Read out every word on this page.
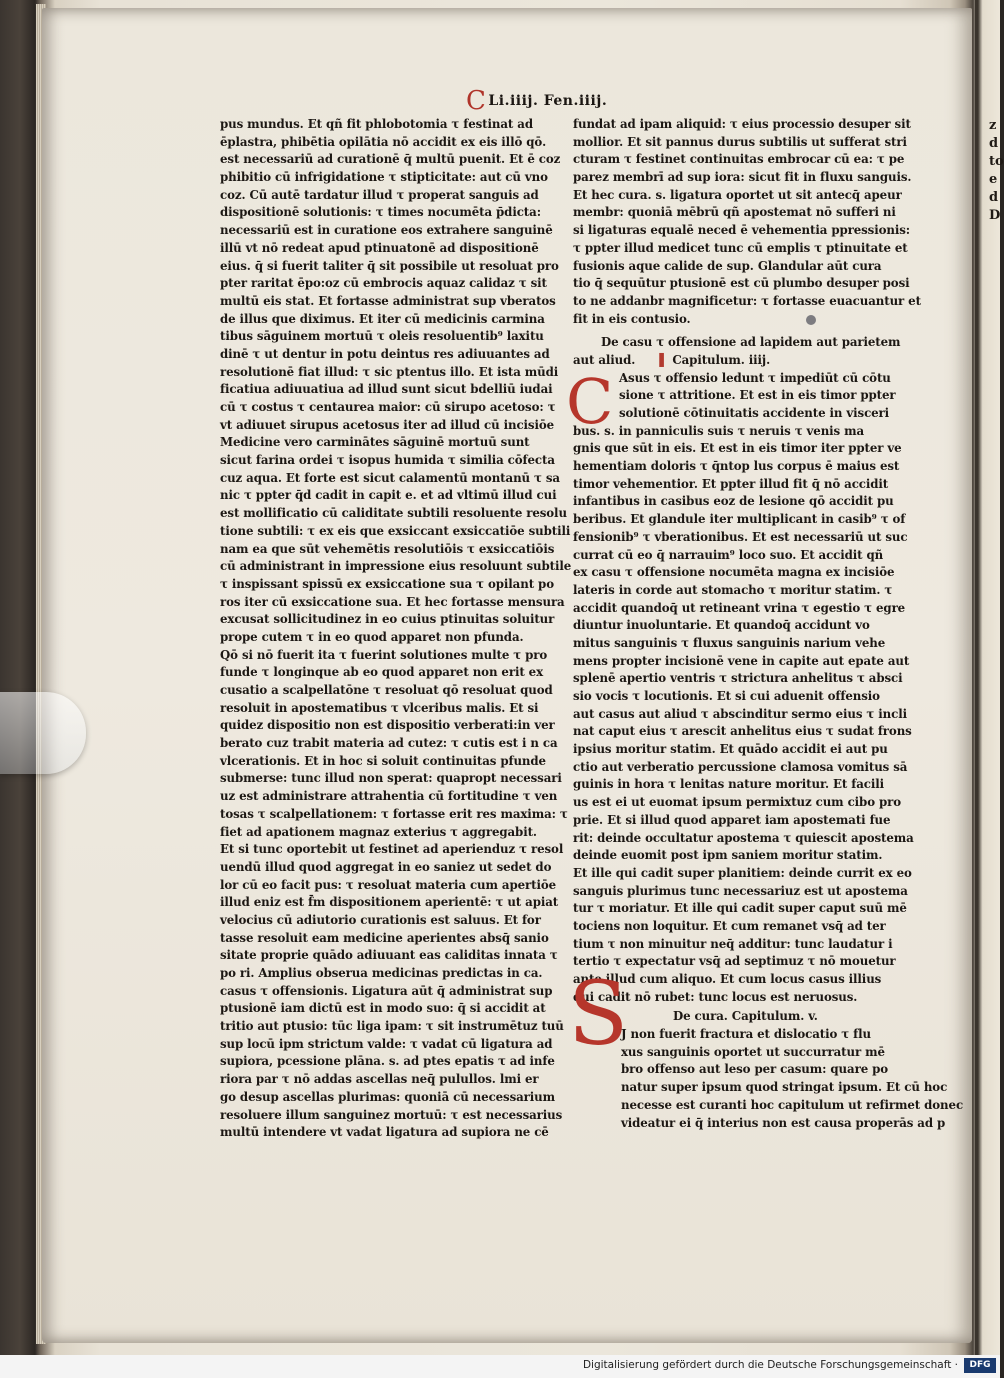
z
d
to
e
d
D
C Li.iiij. Fen.iiij.
pus mundus. Et qñ fit phlobotomia τ festinat ad
ēplastra, phibētia opilātia nō accidit ex eis illō qō.
est necessariū ad curationē q̄ multū puenit. Et ē coz
phibitio cū infrigidatione τ stipticitate: aut cū vno
coz. Cū autē tardatur illud τ properat sanguis ad
dispositionē solutionis: τ times nocumēta p̄dicta:
necessariū est in curatione eos extrahere sanguinē
illū vt nō redeat apud ptinuatonē ad dispositionē
eius. q̄ si fuerit taliter q̄ sit possibile ut resoluat pro
pter raritat ēpo:oz cū embrocis aquaz calidaz τ sit
multū eis stat. Et fortasse administrat sup vberatos
de illus que diximus. Et iter cū medicinis carmina
tibus sāguinem mortuū τ oleis resoluentib⁹ laxitu
dinē τ ut dentur in potu deintus res adiuuantes ad
resolutionē fiat illud: τ sic ptentus illo. Et ista mūdi
ficatiua adiuuatiua ad illud sunt sicut bdelliū iudai
cū τ costus τ centaurea maior: cū sirupo acetoso: τ
vt adiuuet sirupus acetosus iter ad illud cū incisiōe
Medicine vero carminātes sāguinē mortuū sunt
sicut farina ordei τ isopus humida τ similia cōfecta
cuz aqua. Et forte est sicut calamentū montanū τ sa
nic τ ppter q̄d cadit in capit e. et ad vltimū illud cui
est mollificatio cū caliditate subtili resoluente resolu
tione subtili: τ ex eis que exsiccant exsiccatiōe subtili
nam ea que sūt vehemētis resolutiōis τ exsiccatiōis
cū administrant in impressione eius resoluunt subtile
τ inspissant spissū ex exsiccatione sua τ opilant po
ros iter cū exsiccatione sua. Et hec fortasse mensura
excusat sollicitudinez in eo cuius ptinuitas soluitur
prope cutem τ in eo quod apparet non pfunda.
Qō si nō fuerit ita τ fuerint solutiones multe τ pro
funde τ longinque ab eo quod apparet non erit ex
cusatio a scalpellatōne τ resoluat qō resoluat quod
resoluit in apostematibus τ vlceribus malis. Et si
quidez dispositio non est dispositio verberati:in ver
berato cuz trabit materia ad cutez: τ cutis est i n ca
vlcerationis. Et in hoc si soluit continuitas pfunde
submerse: tunc illud non sperat: quapropt necessari
uz est administrare attrahentia cū fortitudine τ ven
tosas τ scalpellationem: τ fortasse erit res maxima: τ
fiet ad apationem magnaz exterius τ aggregabit.
Et si tunc oportebit ut festinet ad aperienduz τ resol
uendū illud quod aggregat in eo saniez ut sedet do
lor cū eo facit pus: τ resoluat materia cum apertiōe
illud eniz est f̄m dispositionem aperientē: τ ut apiat
velocius cū adiutorio curationis est saluus. Et for
tasse resoluit eam medicine aperientes absq̄ sanio
sitate proprie quādo adiuuant eas caliditas innata τ
po ri. Amplius obserua medicinas predictas in ca.
casus τ offensionis. Ligatura aūt q̄ administrat sup
ptusionē iam dictū est in modo suo: q̄ si accidit at
tritio aut ptusio: tūc liga ipam: τ sit instrumētuz tuū
sup locū ipm strictum valde: τ vadat cū ligatura ad
supiora, pcessione plāna. s. ad ptes epatis τ ad infe
riora par τ nō addas ascellas neq̄ pulullos. lmi er
go desup ascellas plurimas: quoniā cū necessarium
resoluere illum sanguinez mortuū: τ est necessarius
multū intendere vt vadat ligatura ad supiora ne cē
fundat ad ipam aliquid: τ eius processio desuper sit
mollior. Et sit pannus durus subtilis ut sufferat stri
cturam τ festinet continuitas embrocar cū ea: τ pe
parez membrī ad sup iora: sicut fit in fluxu sanguis.
Et hec cura. s. ligatura oportet ut sit antecq̄ apeur
membr: quoniā mēbrū qñ apostemat nō sufferi ni
si ligaturas equalē neced ē vehementia ppressionis:
τ ppter illud medicet tunc cū emplis τ ptinuitate et
fusionis aque calide de sup. Glandular aūt cura
tio q̄ sequūtur ptusionē est cū plumbo desuper posi
to ne addanbr magnificetur: τ fortasse euacuantur et
fit in eis contusio.
De casu τ offensione ad lapidem aut parietem
aut aliud. ▌ Capitulum. iiij.
Asus τ offensio ledunt τ impediūt cū cōtu
sione τ attritione. Et est in eis timor ppter
solutionē cōtinuitatis accidente in visceri
bus. s. in panniculis suis τ neruis τ venis ma
gnis que sūt in eis. Et est in eis timor iter ppter ve
hementiam doloris τ q̄ntop lus corpus ē maius est
timor vehementior. Et ppter illud fit q̄ nō accidit
infantibus in casibus eoz de lesione qō accidit pu
beribus. Et glandule iter multiplicant in casib⁹ τ of
fensionib⁹ τ vberationibus. Et est necessariū ut suc
currat cū eo q̄ narrauim⁹ loco suo. Et accidit qñ
ex casu τ offensione nocumēta magna ex incisiōe
lateris in corde aut stomacho τ moritur statim. τ
accidit quandoq̄ ut retineant vrina τ egestio τ egre
diuntur inuoluntarie. Et quandoq̄ accidunt vo
mitus sanguinis τ fluxus sanguinis narium vehe
mens propter incisionē vene in capite aut epate aut
splenē apertio ventris τ strictura anhelitus τ absci
sio vocis τ locutionis. Et si cui aduenit offensio
aut casus aut aliud τ abscinditur sermo eius τ incli
nat caput eius τ arescit anhelitus eius τ sudat frons
ipsius moritur statim. Et quādo accidit ei aut pu
ctio aut verberatio percussione clamosa vomitus sā
guinis in hora τ lenitas nature moritur. Et facili
us est ei ut euomat ipsum permixtuz cum cibo pro
prie. Et si illud quod apparet iam apostemati fue
rit: deinde occultatur apostema τ quiescit apostema
deinde euomit post ipm saniem moritur statim.
Et ille qui cadit super planitiem: deinde currit ex eo
sanguis plurimus tunc necessariuz est ut apostema
tur τ moriatur. Et ille qui cadit super caput suū mē
tociens non loquitur. Et cum remanet vsq̄ ad ter
tium τ non minuitur neq̄ additur: tunc laudatur i
tertio τ expectatur vsq̄ ad septimuz τ nō mouetur
ante illud cum aliquo. Et cum locus casus illius
qui cadit nō rubet: tunc locus est neruosus.
De cura. Capitulum. v.
J non fuerit fractura et dislocatio τ flu
xus sanguinis oportet ut succurratur mē
bro offenso aut leso per casum: quare po
natur super ipsum quod stringat ipsum. Et cū hoc
necesse est curanti hoc capitulum ut refirmet donec
videatur ei q̄ interius non est causa properās ad p
C
S
Digitalisierung gefördert durch die Deutsche Forschungsgemeinschaft ·	DFG
